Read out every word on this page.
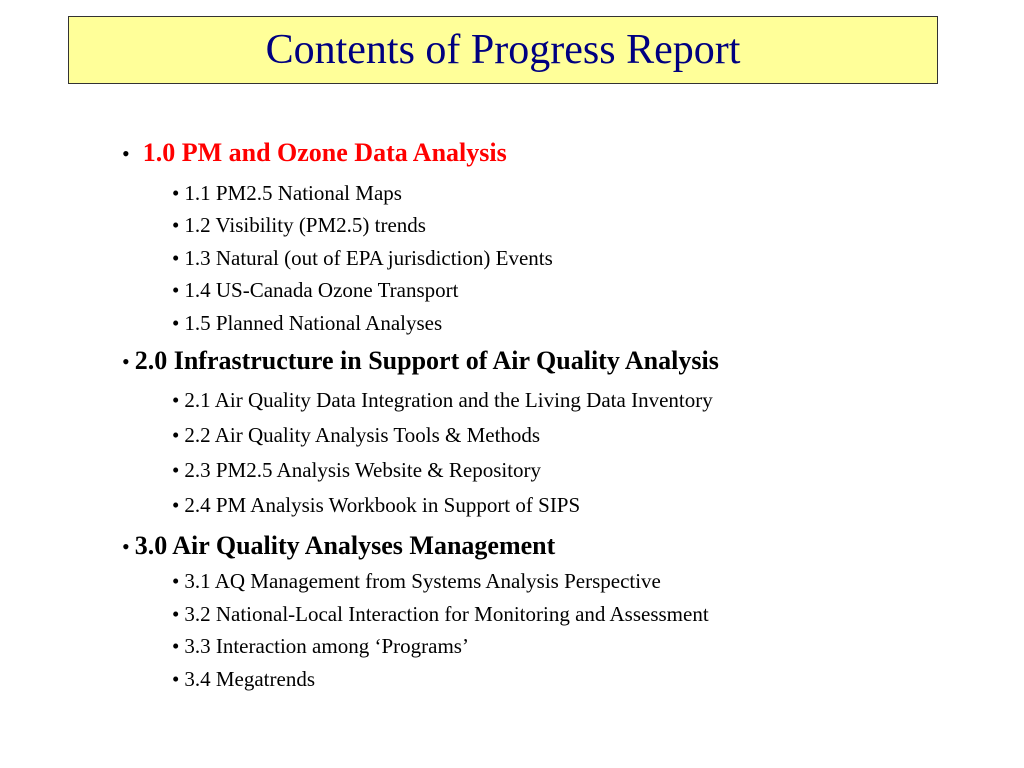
Contents of Progress Report
• 1.0 PM and Ozone Data Analysis
• 1.1 PM2.5 National Maps
• 1.2 Visibility (PM2.5) trends
• 1.3 Natural (out of EPA jurisdiction) Events
• 1.4 US-Canada Ozone Transport
• 1.5 Planned National Analyses
• 2.0 Infrastructure in Support of Air Quality Analysis
• 2.1 Air Quality Data Integration and the Living Data Inventory
• 2.2 Air Quality Analysis Tools & Methods
• 2.3 PM2.5 Analysis Website & Repository
• 2.4 PM Analysis Workbook in Support of SIPS
• 3.0 Air Quality Analyses Management
• 3.1 AQ Management from Systems Analysis Perspective
• 3.2 National-Local Interaction for Monitoring and Assessment
• 3.3 Interaction among ‘Programs’
• 3.4 Megatrends
